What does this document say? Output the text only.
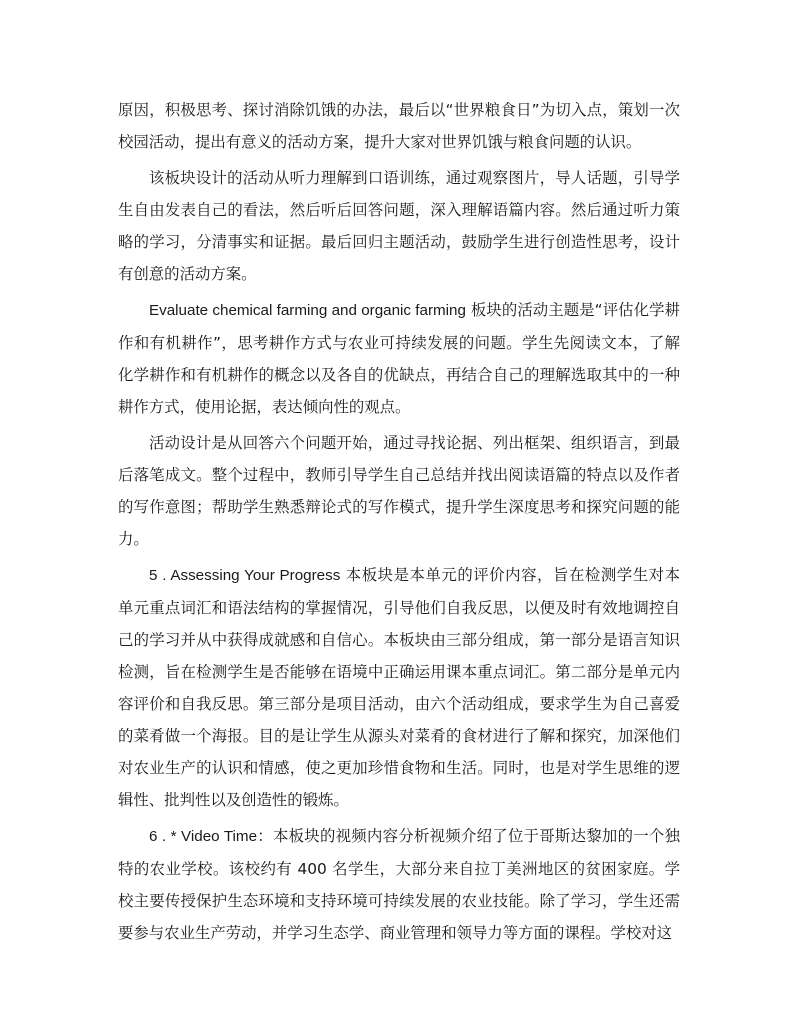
原因，积极思考、探讨消除饥饿的办法，最后以“世界粮食日”为切入点，策划一次校园活动，提出有意义的活动方案，提升大家对世界饥饿与粮食问题的认识。

该板块设计的活动从听力理解到口语训练，通过观察图片，导人话题，引导学生自由发表自己的看法，然后听后回答问题，深入理解语篇内容。然后通过听力策略的学习，分清事实和证据。最后回归主题活动，鼓励学生进行创造性思考，设计有创意的活动方案。

Evaluate chemical farming and organic farming 板块的活动主题是“评估化学耕作和有机耕作”，思考耕作方式与农业可持续发展的问题。学生先阅读文本，了解化学耕作和有机耕作的概念以及各自的优缺点，再结合自己的理解选取其中的一种耕作方式，使用论据，表达倾向性的观点。

活动设计是从回答六个问题开始，通过寻找论据、列出框架、组织语言，到最后落笔成文。整个过程中，教师引导学生自己总结并找出阅读语篇的特点以及作者的写作意图；帮助学生熟悉辩论式的写作模式，提升学生深度思考和探究问题的能力。

5 . Assessing Your Progress 本板块是本单元的评价内容，旨在检测学生对本单元重点词汇和语法结构的掌握情况，引导他们自我反思，以便及时有效地调控自己的学习并从中获得成就感和自信心。本板块由三部分组成，第一部分是语言知识检测，旨在检测学生是否能够在语境中正确运用课本重点词汇。第二部分是单元内容评价和自我反思。第三部分是项目活动，由六个活动组成，要求学生为自己喜爱的菜肴做一个海报。目的是让学生从源头对菜肴的食材进行了解和探究，加深他们对农业生产的认识和情感，使之更加珍惜食物和生活。同时，也是对学生思维的逻辑性、批判性以及创造性的锻炼。

6 . * Video Time：本板块的视频内容分析视频介绍了位于哥斯达黎加的一个独特的农业学校。该校约有 400 名学生，大部分来自拉丁美洲地区的贫困家庭。学校主要传授保护生态环境和支持环境可持续发展的农业技能。除了学习，学生还需要参与农业生产劳动，并学习生态学、商业管理和领导力等方面的课程。学校对这
